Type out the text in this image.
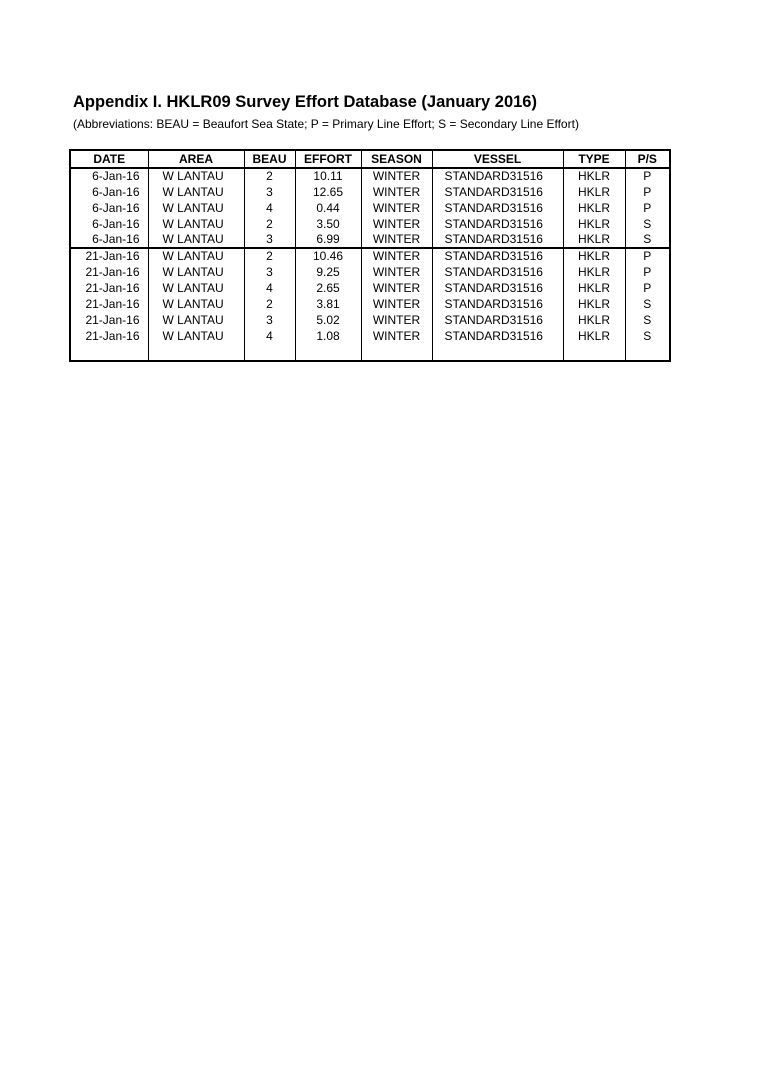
Appendix I. HKLR09 Survey Effort Database (January 2016)
(Abbreviations: BEAU = Beaufort Sea State; P = Primary Line Effort; S = Secondary Line Effort)
DATE	AREA	BEAU	EFFORT	SEASON	VESSEL	TYPE	P/S
6-Jan-16	W LANTAU	2	10.11	WINTER	STANDARD31516	HKLR	P
6-Jan-16	W LANTAU	3	12.65	WINTER	STANDARD31516	HKLR	P
6-Jan-16	W LANTAU	4	0.44	WINTER	STANDARD31516	HKLR	P
6-Jan-16	W LANTAU	2	3.50	WINTER	STANDARD31516	HKLR	S
6-Jan-16	W LANTAU	3	6.99	WINTER	STANDARD31516	HKLR	S
21-Jan-16	W LANTAU	2	10.46	WINTER	STANDARD31516	HKLR	P
21-Jan-16	W LANTAU	3	9.25	WINTER	STANDARD31516	HKLR	P
21-Jan-16	W LANTAU	4	2.65	WINTER	STANDARD31516	HKLR	P
21-Jan-16	W LANTAU	2	3.81	WINTER	STANDARD31516	HKLR	S
21-Jan-16	W LANTAU	3	5.02	WINTER	STANDARD31516	HKLR	S
21-Jan-16	W LANTAU	4	1.08	WINTER	STANDARD31516	HKLR	S
